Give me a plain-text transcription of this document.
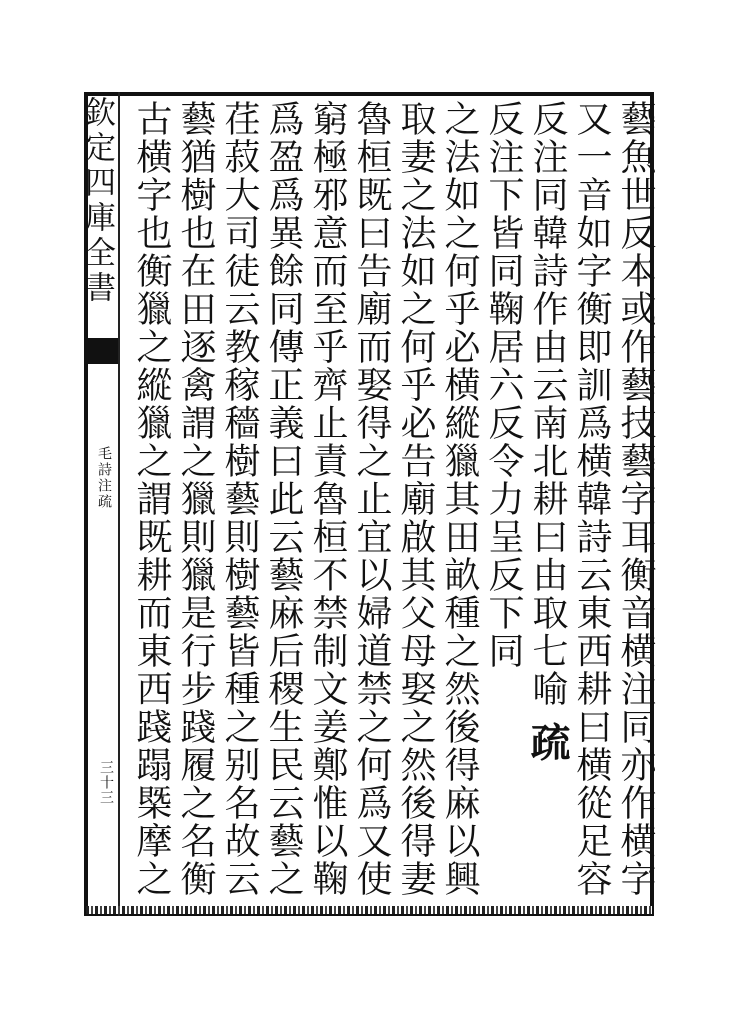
欽定四庫全書
毛詩注疏
三十三	藝魚世反本或作藝技藝字耳衡音横注同亦作横字
又一音如字衡即訓爲横韓詩云東西耕曰横從足容
反注同韓詩作由云南北耕曰由取七喻 疏
反注下皆同鞠居六反令力呈反下同
之法如之何乎必横縱獵其田畝種之然後得麻以興
取妻之法如之何乎必告廟啟其父母娶之然後得妻
魯桓既曰告廟而娶得之止宜以婦道禁之何爲又使
窮極邪意而至乎齊止責魯桓不禁制文姜鄭惟以鞠
爲盈爲異餘同傳正義曰此云藝麻后稷生民云藝之
荏菽大司徒云教稼穡樹藝則樹藝皆種之别名故云
藝猶樹也在田逐禽謂之獵則獵是行步踐履之名衡
古横字也衡獵之縱獵之謂既耕而東西踐蹋槩摩之
